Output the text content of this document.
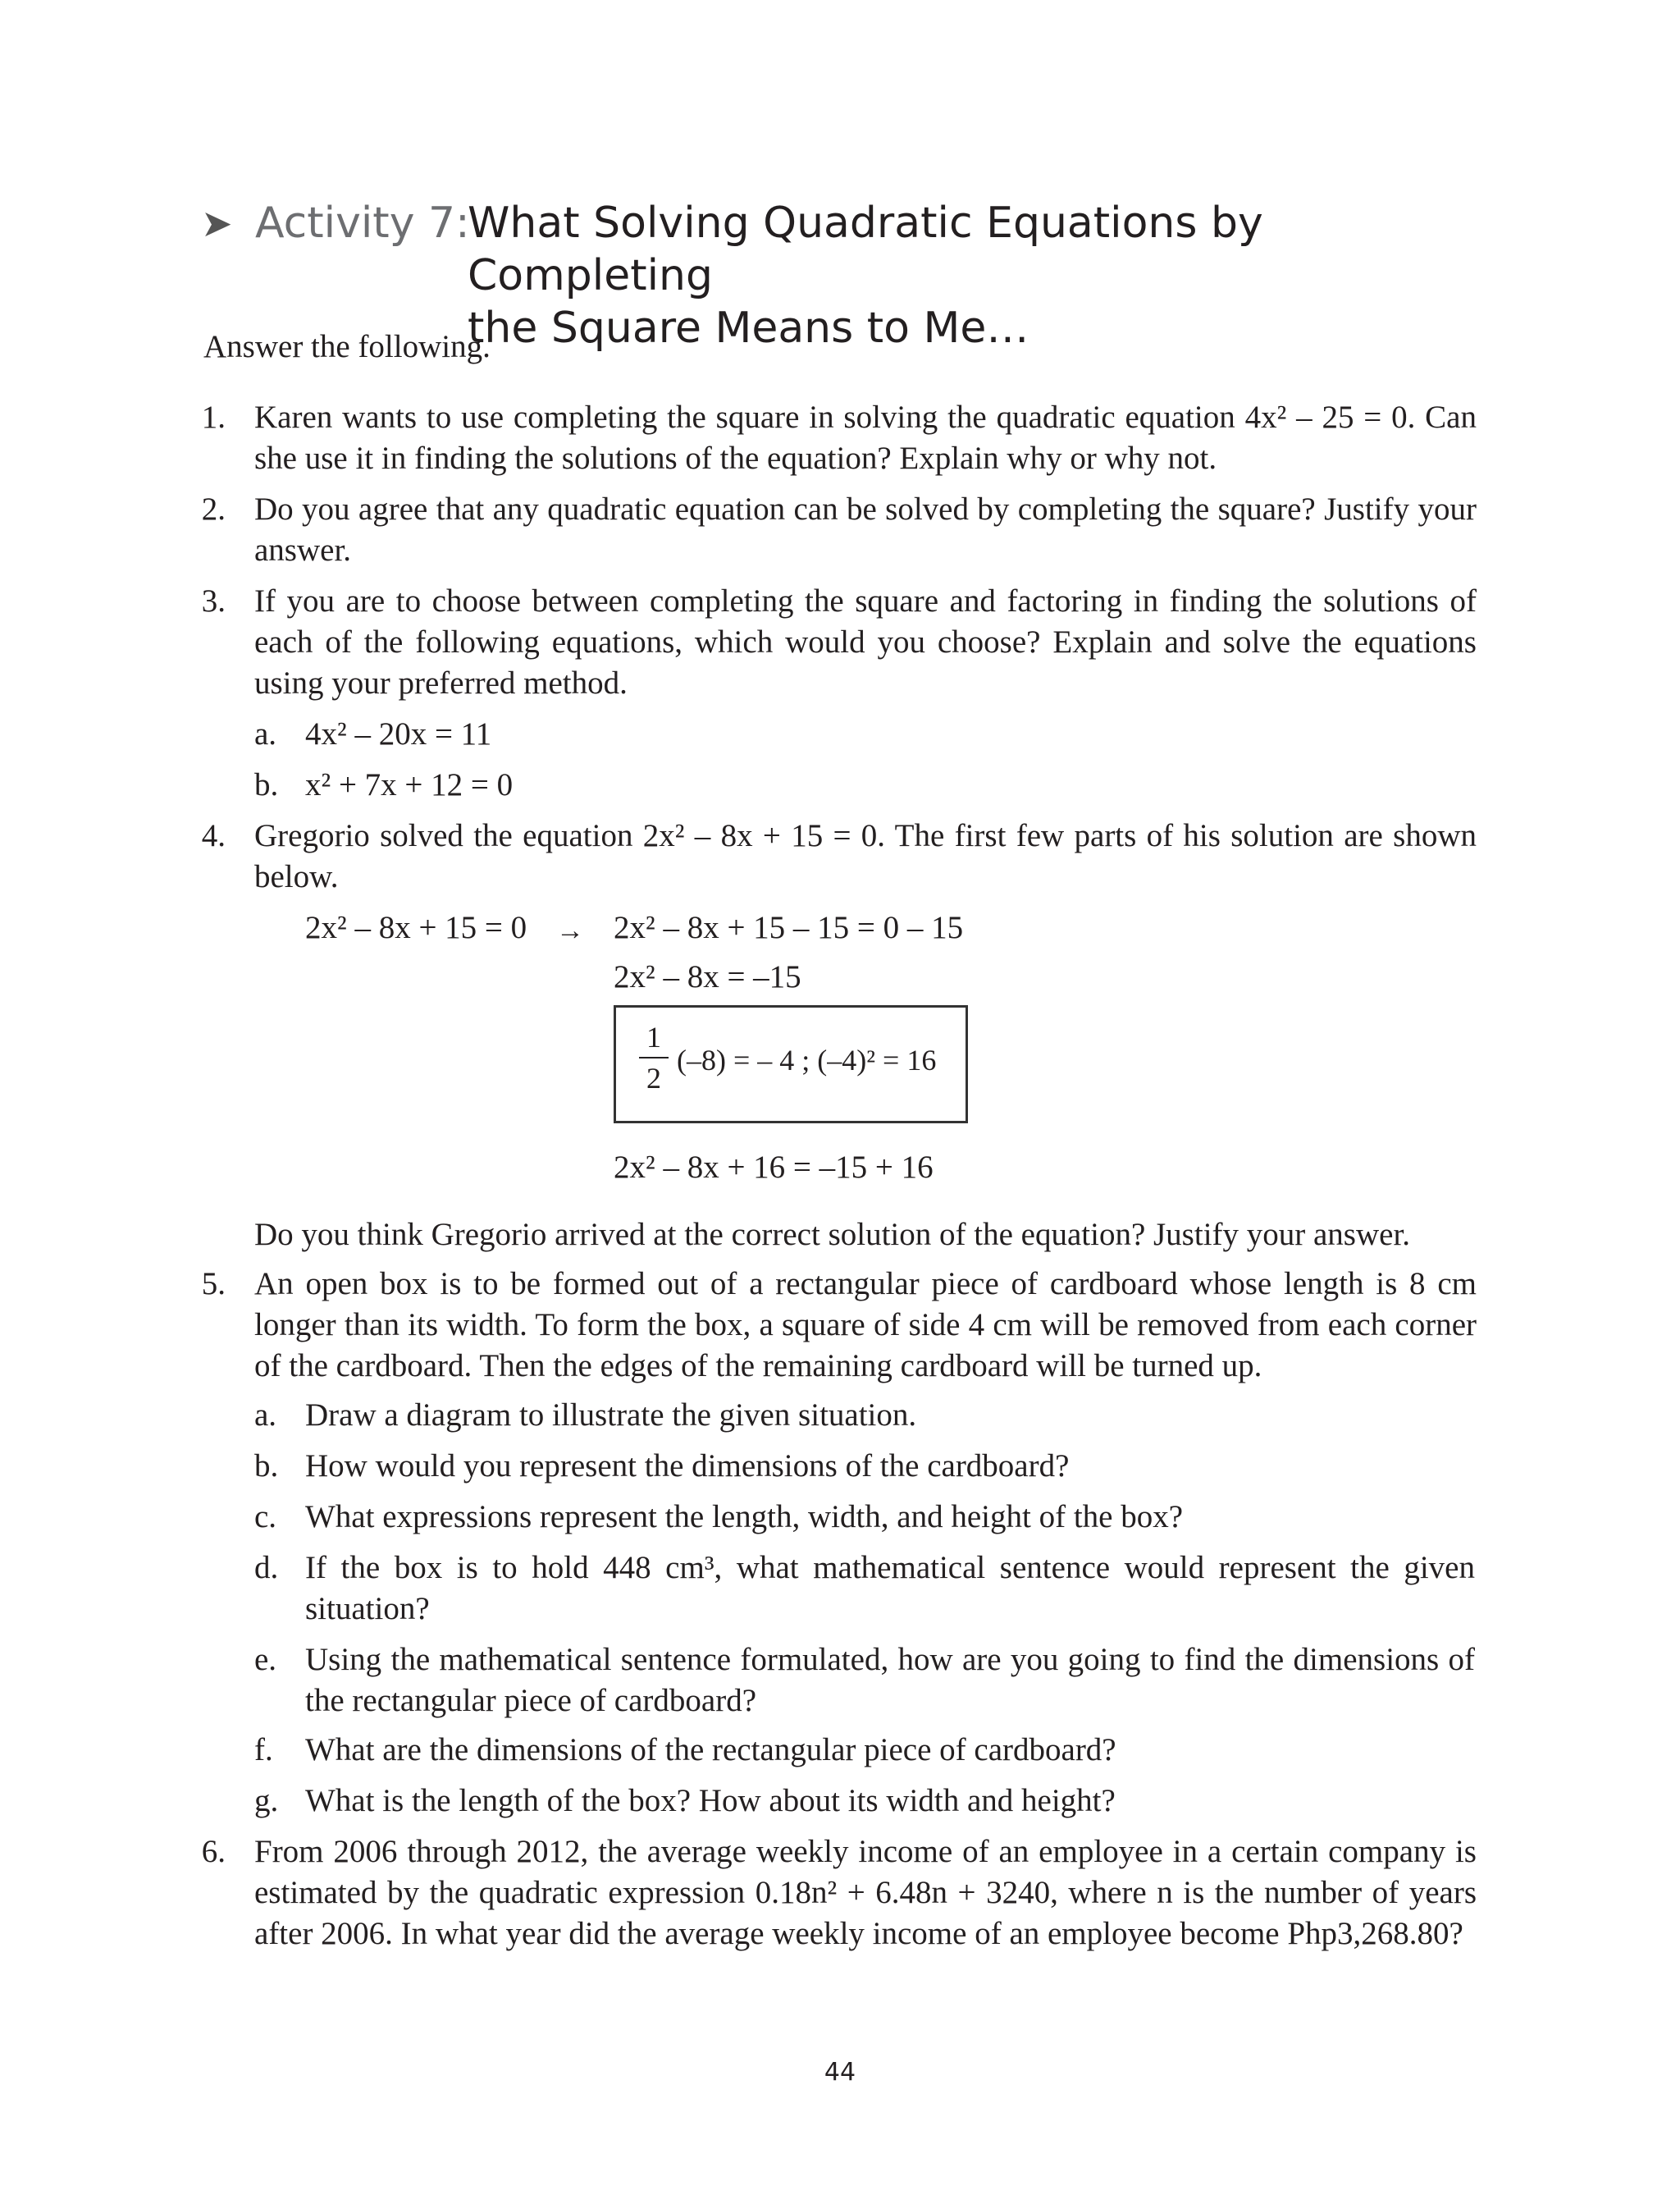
➤ Activity 7:
What Solving Quadratic Equations by Completing
the Square Means to Me…
Answer the following.
1. Karen wants to use completing the square in solving the quadratic equation 4x² – 25 = 0. Can she use it in finding the solutions of the equation? Explain why or why not.
2. Do you agree that any quadratic equation can be solved by completing the square? Justify your answer.
3. If you are to choose between completing the square and factoring in finding the solutions of each of the following equations, which would you choose? Explain and solve the equations using your preferred method.
a. 4x² – 20x = 11
b. x² + 7x + 12 = 0
4. Gregorio solved the equation 2x² – 8x + 15 = 0. The first few parts of his solution are shown below.
2x² – 8x + 15 = 0 → 2x² – 8x + 15 – 15 = 0 – 15
2x² – 8x = –15
1
2
(–8) = – 4 ; (–4)² = 16
2x² – 8x + 16 = –15 + 16
Do you think Gregorio arrived at the correct solution of the equation? Justify your answer.
5. An open box is to be formed out of a rectangular piece of cardboard whose length is 8 cm longer than its width. To form the box, a square of side 4 cm will be removed from each corner of the cardboard. Then the edges of the remaining cardboard will be turned up.
a. Draw a diagram to illustrate the given situation.
b. How would you represent the dimensions of the cardboard?
c. What expressions represent the length, width, and height of the box?
d. If the box is to hold 448 cm³, what mathematical sentence would represent the given situation?
e. Using the mathematical sentence formulated, how are you going to find the dimensions of the rectangular piece of cardboard?
f.	What are the dimensions of the rectangular piece of cardboard?
g. What is the length of the box? How about its width and height?
6. From 2006 through 2012, the average weekly income of an employee in a certain company is estimated by the quadratic expression 0.18n² + 6.48n + 3240, where n is the number of years after 2006. In what year did the average weekly income of an employee become Php3,268.80?
44
